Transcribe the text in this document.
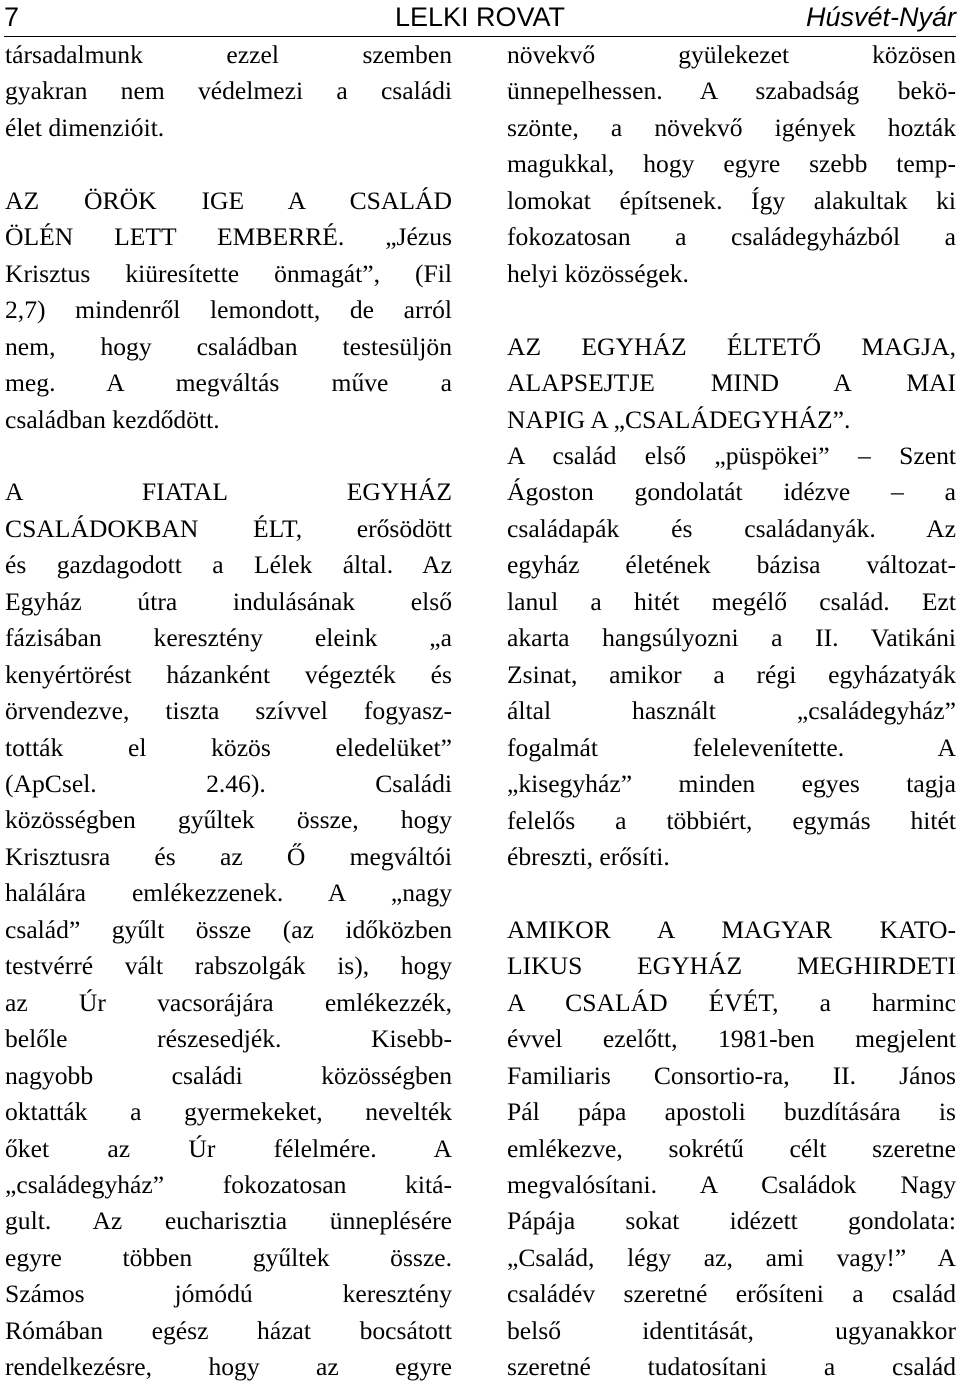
7	LELKI ROVAT	Húsvét-Nyár

társadalmunk ezzel szemben
gyakran nem védelmezi a családi
élet dimenzióit.

AZ ÖRÖK IGE A CSALÁD
ÖLÉN LETT EMBERRÉ. „Jézus
Krisztus kiüresítette önmagát”, (Fil
2,7) mindenről lemondott, de arról
nem, hogy családban testesüljön
meg. A megváltás műve a
családban kezdődött.

A FIATAL EGYHÁZ
CSALÁDOKBAN ÉLT, erősödött
és gazdagodott a Lélek által. Az
Egyház útra indulásának első
fázisában keresztény eleink „a
kenyértörést házanként végezték és
örvendezve, tiszta szívvel fogyasz-
tották el közös eledelüket”
(ApCsel. 2.46). Családi
közösségben gyűltek össze, hogy
Krisztusra és az Ő megváltói
halálára emlékezzenek. A „nagy
család” gyűlt össze (az időközben
testvérré vált rabszolgák is), hogy
az Úr vacsorájára emlékezzék,
belőle részesedjék. Kisebb-
nagyobb családi közösségben
oktatták a gyermekeket, nevelték
őket az Úr félelmére. A
„családegyház” fokozatosan kitá-
gult. Az eucharisztia ünneplésére
egyre többen gyűltek össze.
Számos jómódú keresztény
Rómában egész házat bocsátott
rendelkezésre, hogy az egyre

növekvő gyülekezet közösen
ünnepelhessen. A szabadság bekö-
szönte, a növekvő igények hozták
magukkal, hogy egyre szebb temp-
lomokat építsenek. Így alakultak ki
fokozatosan a családegyházból a
helyi közösségek.

AZ EGYHÁZ ÉLTETŐ MAGJA,
ALAPSEJTJE MIND A MAI
NAPIG A „CSALÁDEGYHÁZ”.
A család első „püspökei” – Szent
Ágoston gondolatát idézve – a
családapák és családanyák. Az
egyház életének bázisa változat-
lanul a hitét megélő család. Ezt
akarta hangsúlyozni a II. Vatikáni
Zsinat, amikor a régi egyházatyák
által használt „családegyház”
fogalmát felelevenítette. A
„kisegyház” minden egyes tagja
felelős a többiért, egymás hitét
ébreszti, erősíti.

AMIKOR A MAGYAR KATO-
LIKUS EGYHÁZ MEGHIRDETI
A CSALÁD ÉVÉT, a harminc
évvel ezelőtt, 1981-ben megjelent
Familiaris Consortio-ra, II. János
Pál pápa apostoli buzdítására is
emlékezve, sokrétű célt szeretne
megvalósítani. A Családok Nagy
Pápája sokat idézett gondolata:
„Család, légy az, ami vagy!” A
családév szeretné erősíteni a család
belső identitását, ugyanakkor
szeretné tudatosítani a család
